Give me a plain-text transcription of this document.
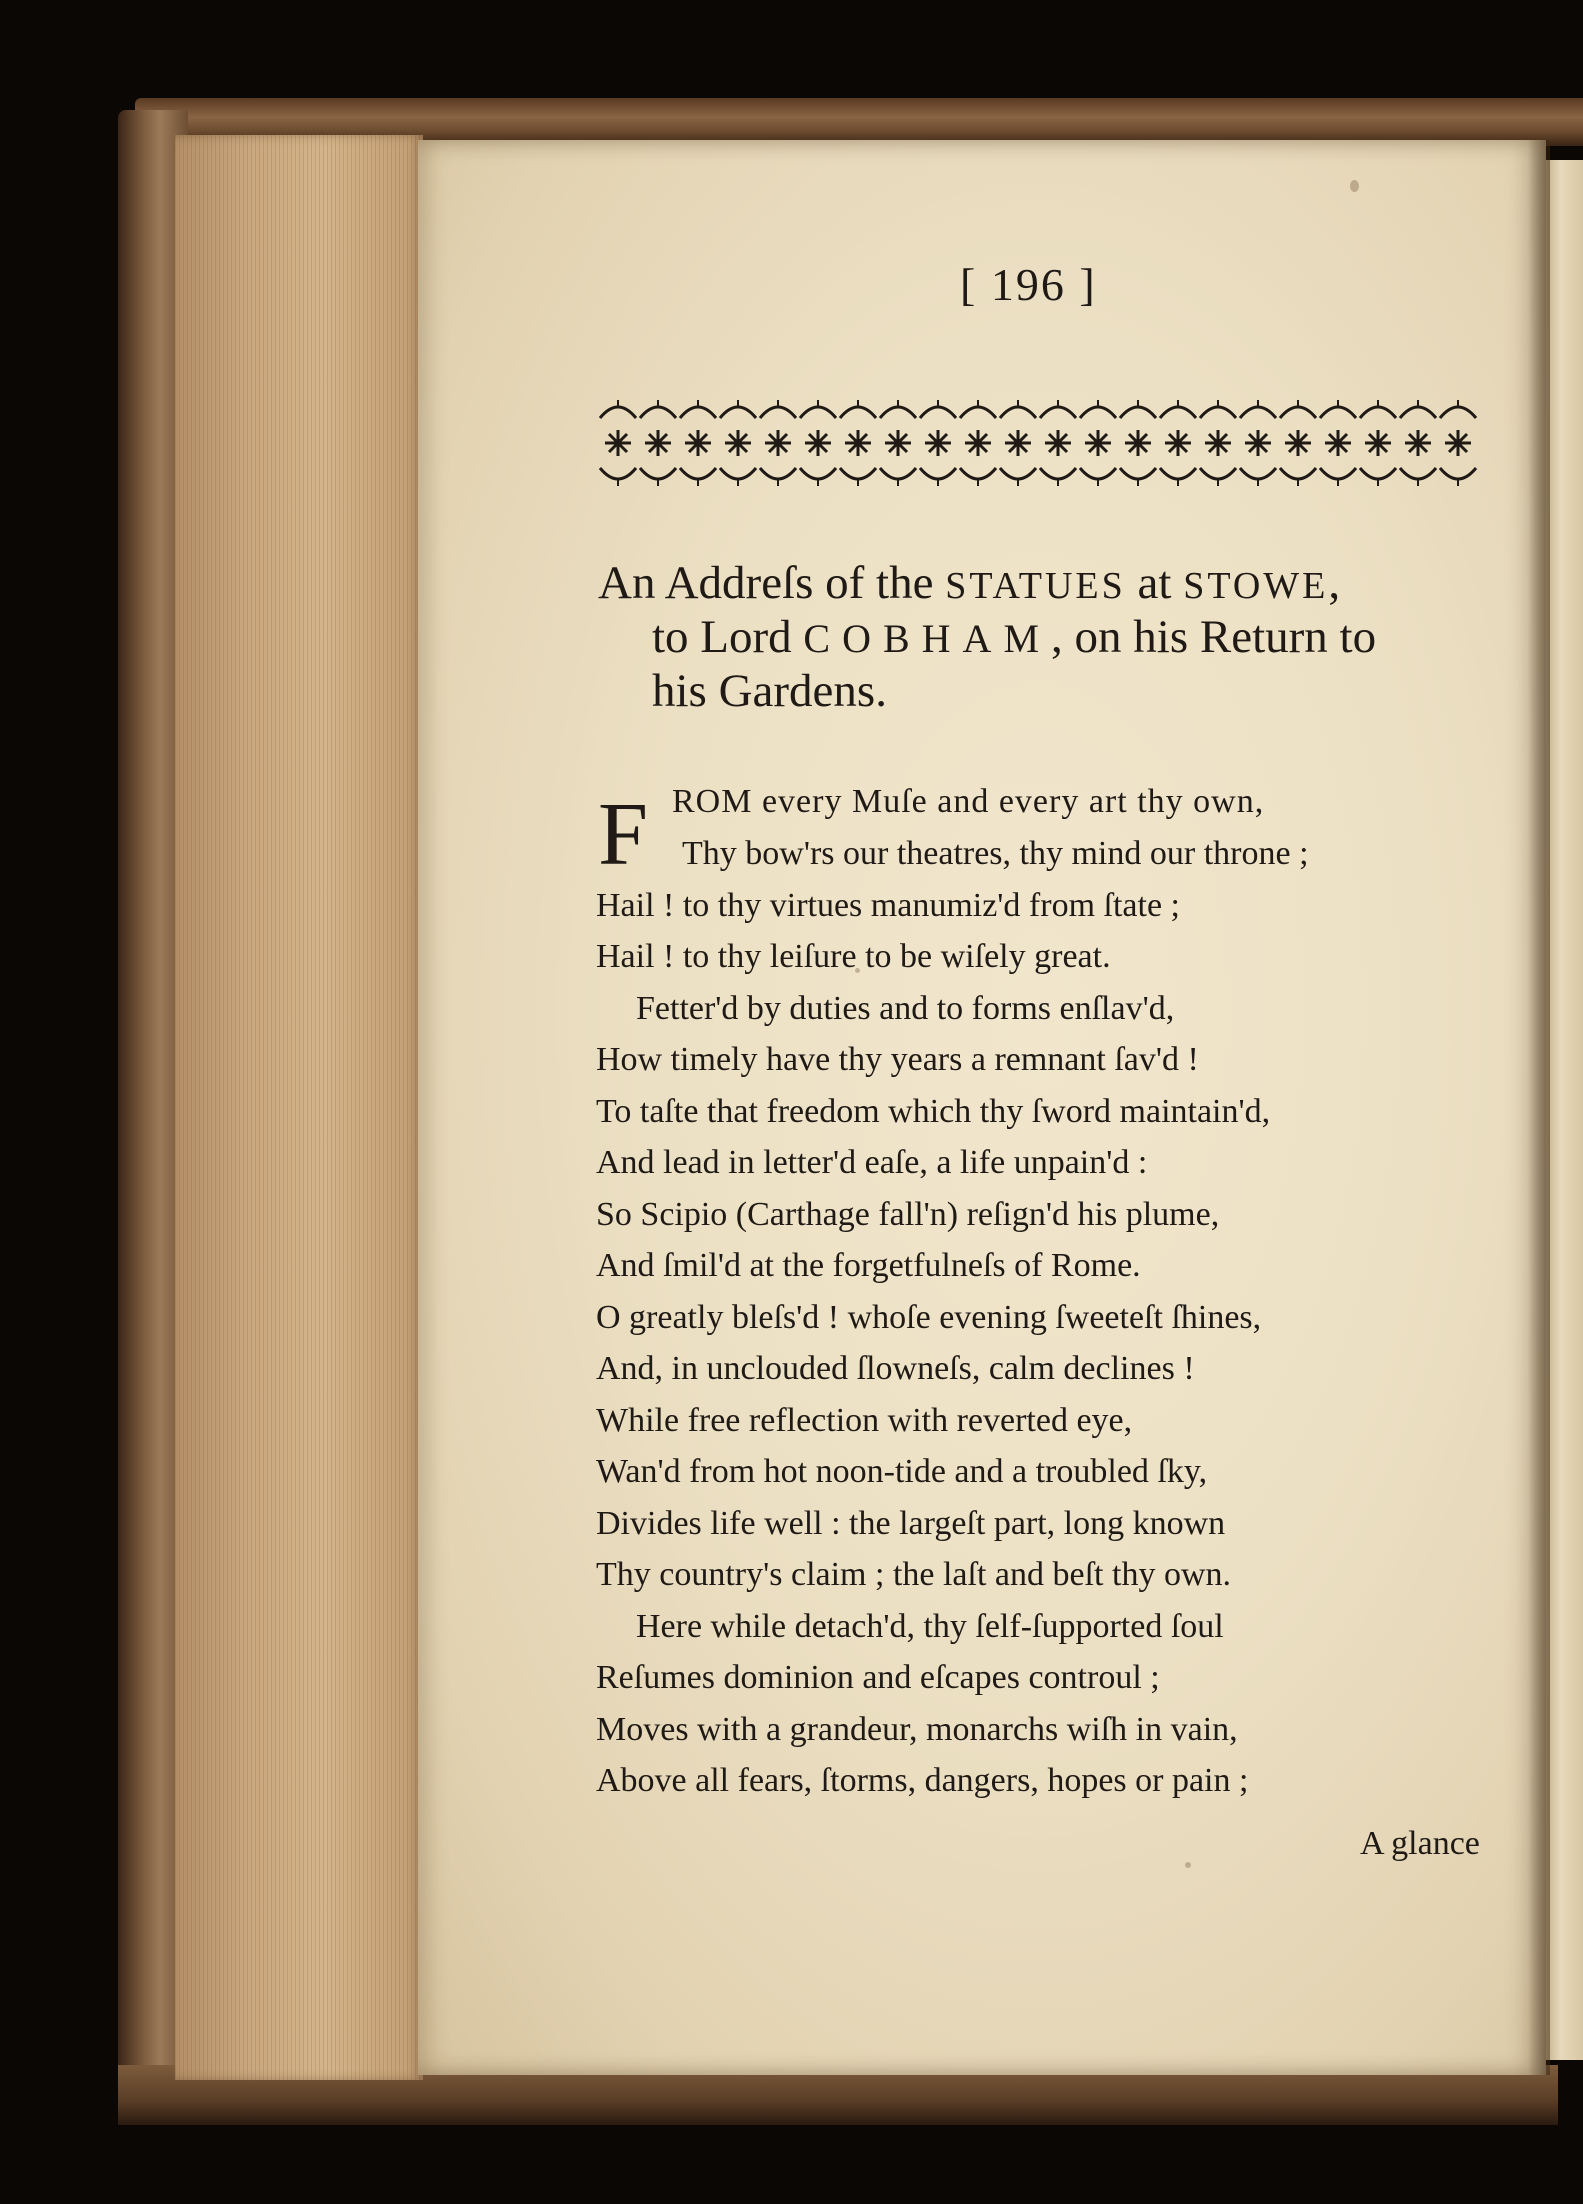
[ 196 ]
An Addreſs of the STATUES at STOWE,
to Lord COBHAM, on his Return to
his Gardens.
F ROM every Muſe and every art thy own,
Thy bow'rs our theatres, thy mind our throne ;
Hail ! to thy virtues manumiz'd from ſtate ;
Hail ! to thy leiſure to be wiſely great.
Fetter'd by duties and to forms enſlav'd,
How timely have thy years a remnant ſav'd !
To taſte that freedom which thy ſword maintain'd,
And lead in letter'd eaſe, a life unpain'd :
So Scipio (Carthage fall'n) reſign'd his plume,
And ſmil'd at the forgetfulneſs of Rome.
O greatly bleſs'd ! whoſe evening ſweeteſt ſhines,
And, in unclouded ſlowneſs, calm declines !
While free reflection with reverted eye,
Wan'd from hot noon-tide and a troubled ſky,
Divides life well : the largeſt part, long known
Thy country's claim ; the laſt and beſt thy own.
Here while detach'd, thy ſelf-ſupported ſoul
Reſumes dominion and eſcapes controul ;
Moves with a grandeur, monarchs wiſh in vain,
Above all fears, ſtorms, dangers, hopes or pain ;
A glance
